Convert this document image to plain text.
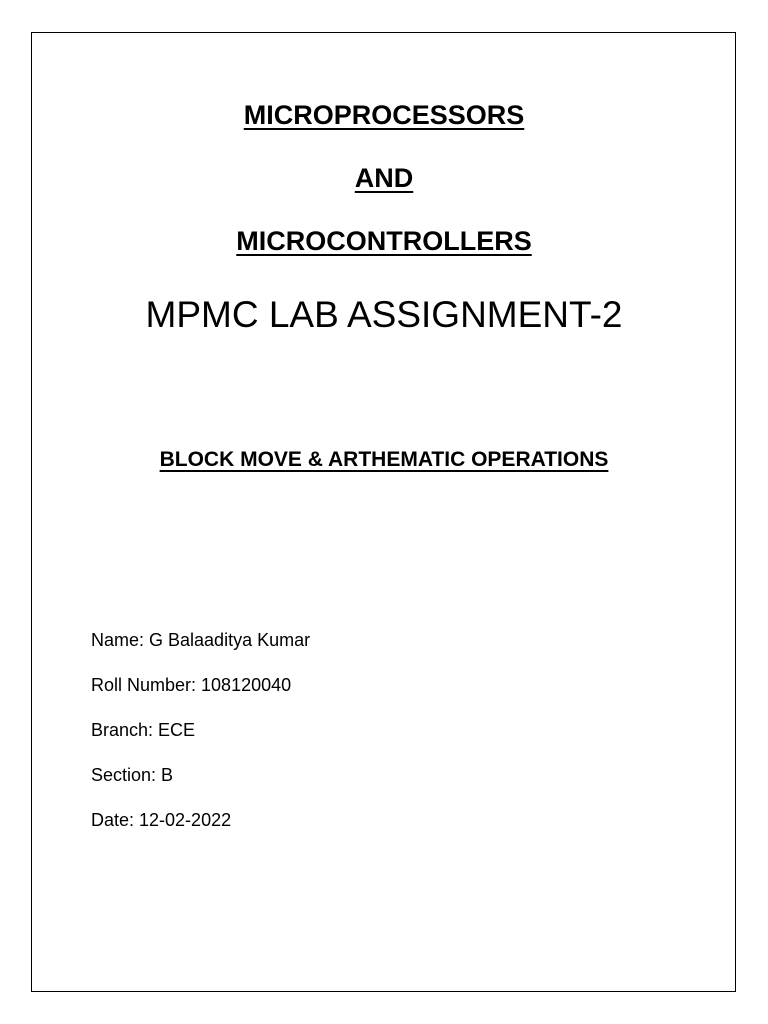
MICROPROCESSORS
AND
MICROCONTROLLERS
MPMC LAB ASSIGNMENT-2
BLOCK MOVE & ARTHEMATIC OPERATIONS
Name: G Balaaditya Kumar
Roll Number: 108120040
Branch: ECE
Section: B
Date: 12-02-2022
